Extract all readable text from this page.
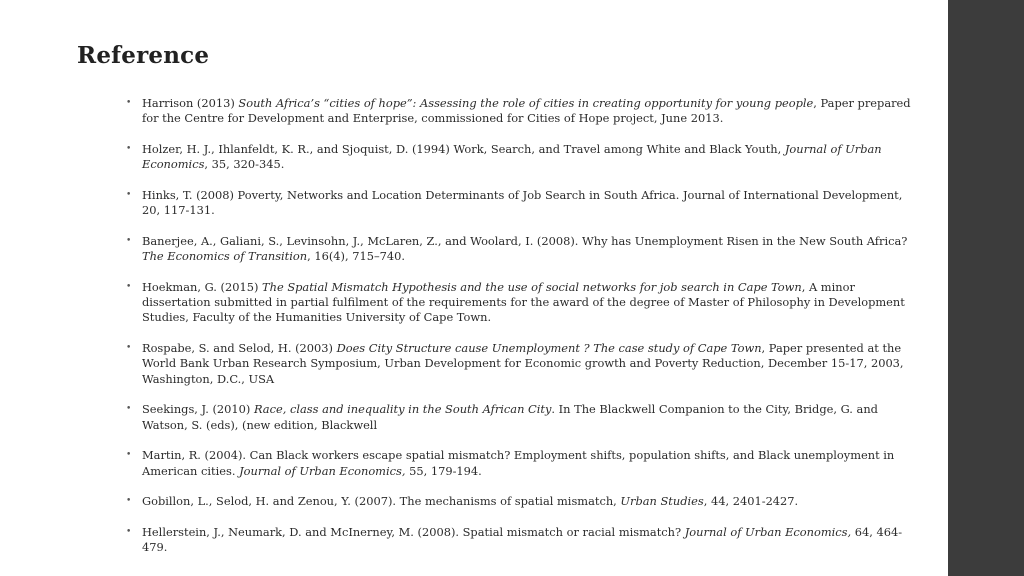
Reference
• Harrison (2013) South Africa’s “cities of hope”: Assessing the role of cities in creating opportunity for young people, Paper prepared for the Centre for Development and Enterprise, commissioned for Cities of Hope project, June 2013.
• Holzer, H. J., Ihlanfeldt, K. R., and Sjoquist, D. (1994) Work, Search, and Travel among White and Black Youth, Journal of Urban Economics, 35, 320-345.
• Hinks, T. (2008) Poverty, Networks and Location Determinants of Job Search in South Africa. Journal of International Development, 20, 117-131.
• Banerjee, A., Galiani, S., Levinsohn, J., McLaren, Z., and Woolard, I. (2008). Why has Unemployment Risen in the New South Africa? The Economics of Transition, 16(4), 715–740.
• Hoekman, G. (2015) The Spatial Mismatch Hypothesis and the use of social networks for job search in Cape Town, A minor dissertation submitted in partial fulfilment of the requirements for the award of the degree of Master of Philosophy in Development Studies, Faculty of the Humanities University of Cape Town.
• Rospabe, S. and Selod, H. (2003) Does City Structure cause Unemployment ? The case study of Cape Town, Paper presented at the World Bank Urban Research Symposium, Urban Development for Economic growth and Poverty Reduction, December 15-17, 2003, Washington, D.C., USA
• Seekings, J. (2010) Race, class and inequality in the South African City. In The Blackwell Companion to the City, Bridge, G. and Watson, S. (eds), (new edition, Blackwell
• Martin, R. (2004). Can Black workers escape spatial mismatch? Employment shifts, population shifts, and Black unemployment in American cities. Journal of Urban Economics, 55, 179-194.
• Gobillon, L., Selod, H. and Zenou, Y. (2007). The mechanisms of spatial mismatch, Urban Studies, 44, 2401-2427.
• Hellerstein, J., Neumark, D. and McInerney, M. (2008). Spatial mismatch or racial mismatch? Journal of Urban Economics, 64, 464-479.
